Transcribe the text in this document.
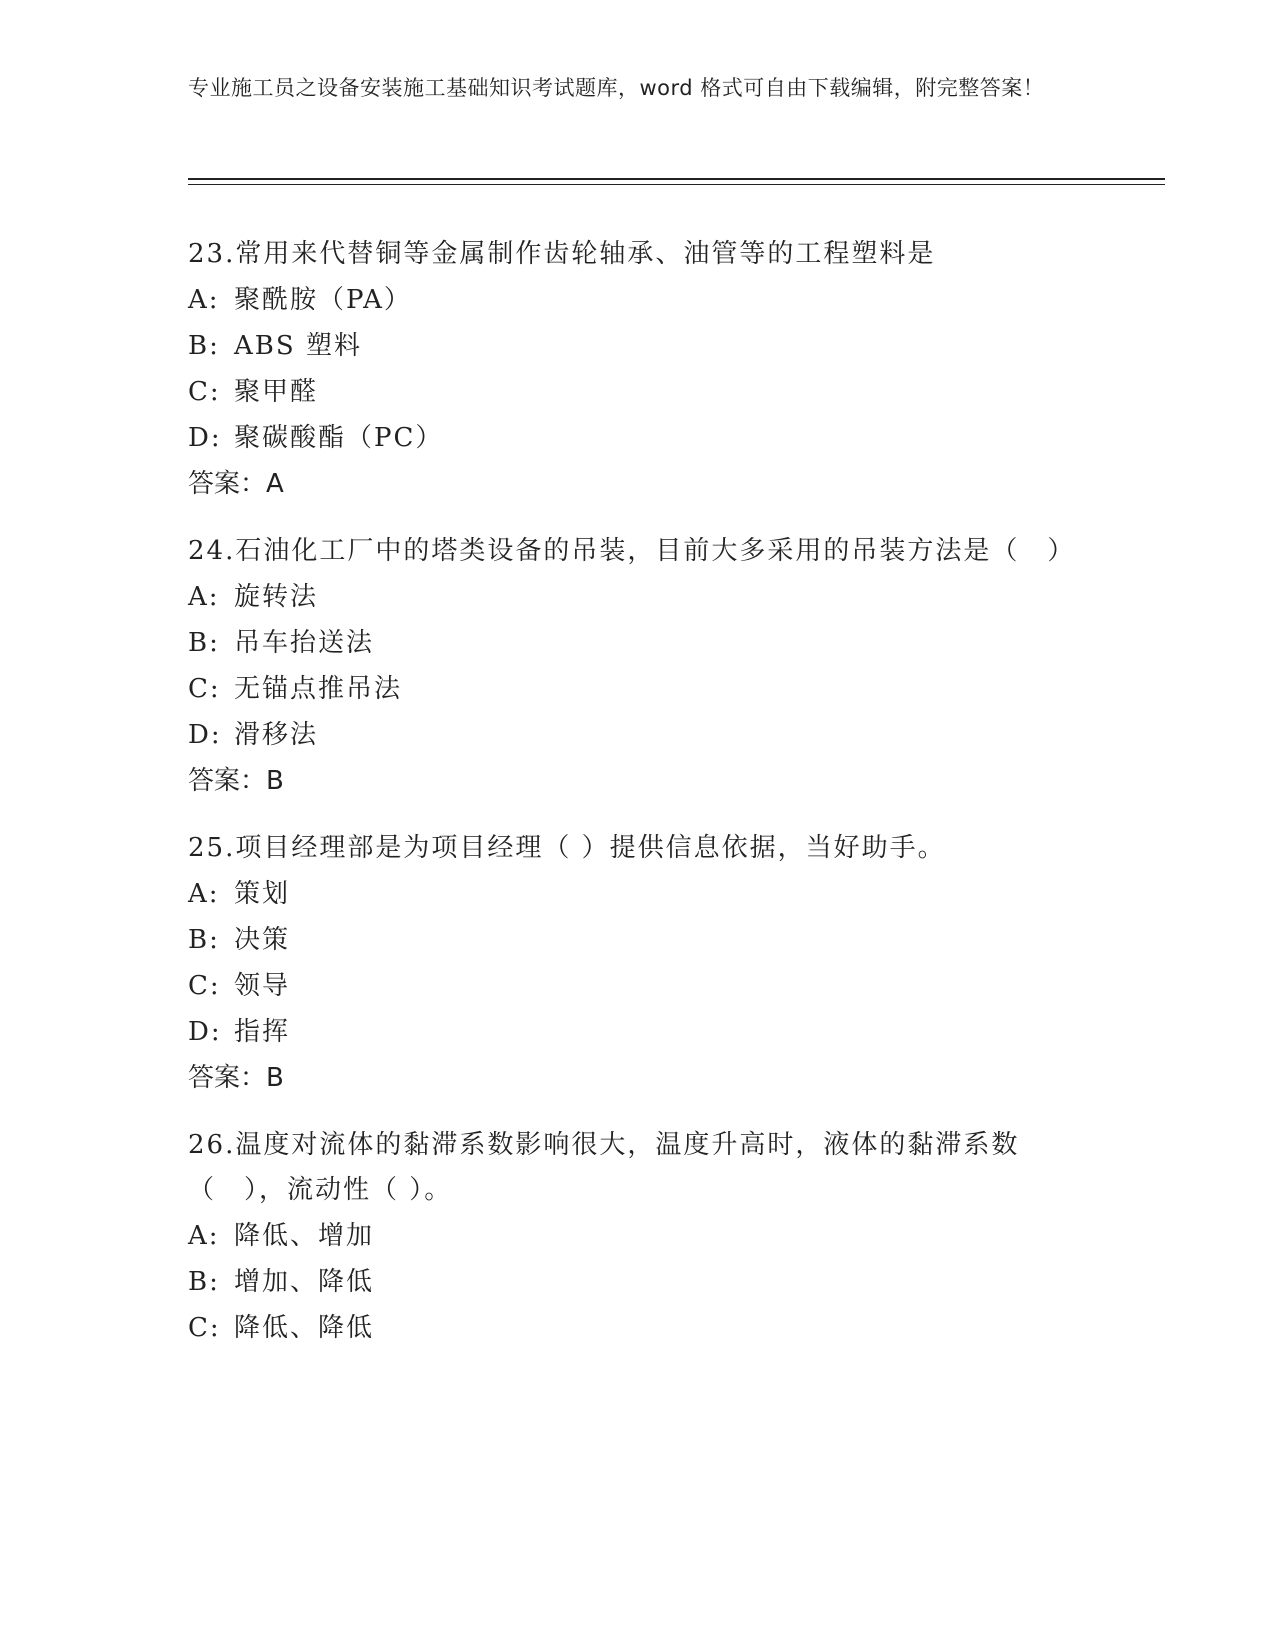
专业施工员之设备安装施工基础知识考试题库，word 格式可自由下载编辑，附完整答案！
23.常用来代替铜等金属制作齿轮轴承、油管等的工程塑料是
A: 聚酰胺（PA）
B: ABS 塑料
C: 聚甲醛
D: 聚碳酸酯（PC）
答案：A
24.石油化工厂中的塔类设备的吊装，目前大多采用的吊装方法是（　）
A: 旋转法
B: 吊车抬送法
C: 无锚点推吊法
D: 滑移法
答案：B
25.项目经理部是为项目经理（ ）提供信息依据，当好助手。
A: 策划
B: 决策
C: 领导
D: 指挥
答案：B
26.温度对流体的黏滞系数影响很大，温度升高时，液体的黏滞系数（　），流动性（ ）。
A: 降低、增加
B: 增加、降低
C: 降低、降低
